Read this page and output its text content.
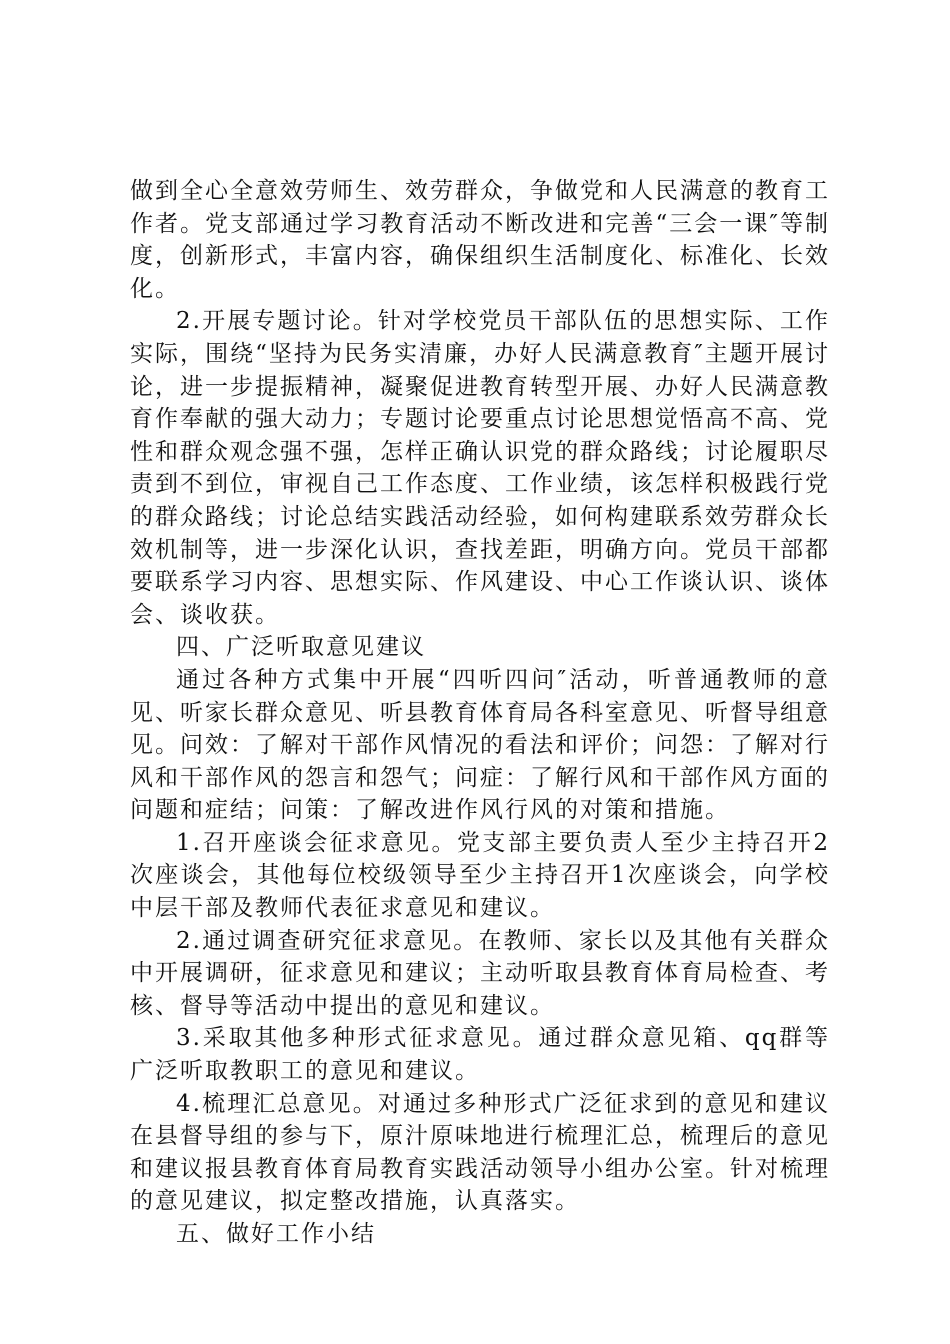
做到全心全意效劳师生、效劳群众，争做党和人民满意的教育工作者。党支部通过学习教育活动不断改进和完善“三会一课″等制度，创新形式，丰富内容，确保组织生活制度化、标准化、长效化。

2.开展专题讨论。针对学校党员干部队伍的思想实际、工作实际，围绕“坚持为民务实清廉，办好人民满意教育″主题开展讨论，进一步提振精神，凝聚促进教育转型开展、办好人民满意教育作奉献的强大动力；专题讨论要重点讨论思想觉悟高不高、党性和群众观念强不强，怎样正确认识党的群众路线；讨论履职尽责到不到位，审视自己工作态度、工作业绩，该怎样积极践行党的群众路线；讨论总结实践活动经验，如何构建联系效劳群众长效机制等，进一步深化认识，查找差距，明确方向。党员干部都要联系学习内容、思想实际、作风建设、中心工作谈认识、谈体会、谈收获。

四、广泛听取意见建议

通过各种方式集中开展“四听四问″活动，听普通教师的意见、听家长群众意见、听县教育体育局各科室意见、听督导组意见。问效：了解对干部作风情况的看法和评价；问怨：了解对行风和干部作风的怨言和怨气；问症：了解行风和干部作风方面的问题和症结；问策：了解改进作风行风的对策和措施。

1.召开座谈会征求意见。党支部主要负责人至少主持召开2次座谈会，其他每位校级领导至少主持召开1次座谈会，向学校中层干部及教师代表征求意见和建议。

2.通过调查研究征求意见。在教师、家长以及其他有关群众中开展调研，征求意见和建议；主动听取县教育体育局检查、考核、督导等活动中提出的意见和建议。

3.采取其他多种形式征求意见。通过群众意见箱、qq群等广泛听取教职工的意见和建议。

4.梳理汇总意见。对通过多种形式广泛征求到的意见和建议在县督导组的参与下，原汁原味地进行梳理汇总，梳理后的意见和建议报县教育体育局教育实践活动领导小组办公室。针对梳理的意见建议，拟定整改措施，认真落实。

五、做好工作小结
